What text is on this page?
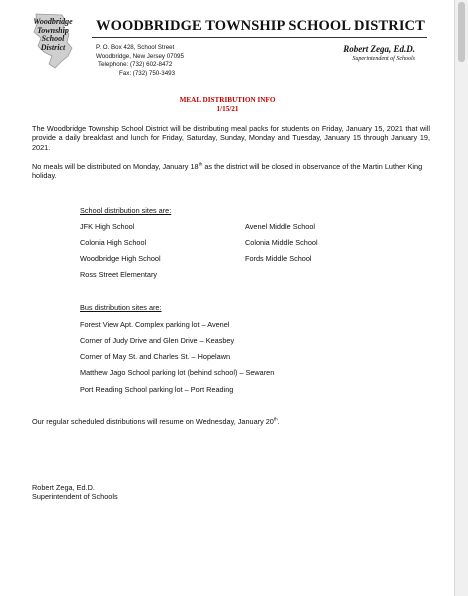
Woodbridge
Township
School
District
WOODBRIDGE TOWNSHIP SCHOOL DISTRICT
P. O. Box 428, School Street
Woodbridge, New Jersey 07095
Telephone: (732) 602-8472
Fax: (732) 750-3493
Robert Zega, Ed.D.
Superintendent of Schools
MEAL DISTRIBUTION INFO
1/15/21
The Woodbridge Township School District will be distributing meal packs for students on Friday, January 15, 2021 that will provide a daily breakfast and lunch for Friday, Saturday, Sunday, Monday and Tuesday, January 15 through January 19, 2021.
No meals will be distributed on Monday, January 18th as the district will be closed in observance of the Martin Luther King holiday.
School distribution sites are:
JFK High School
Colonia High School
Woodbridge High School
Ross Street Elementary
Avenel Middle School
Colonia Middle School
Fords Middle School
Bus distribution sites are:
Forest View Apt. Complex parking lot – Avenel
Corner of Judy Drive and Glen Drive – Keasbey
Corner of May St. and Charles St. – Hopelawn
Matthew Jago School parking lot (behind school) – Sewaren
Port Reading School parking lot – Port Reading
Our regular scheduled distributions will resume on Wednesday, January 20th.
Robert Zega, Ed.D.
Superintendent of Schools
